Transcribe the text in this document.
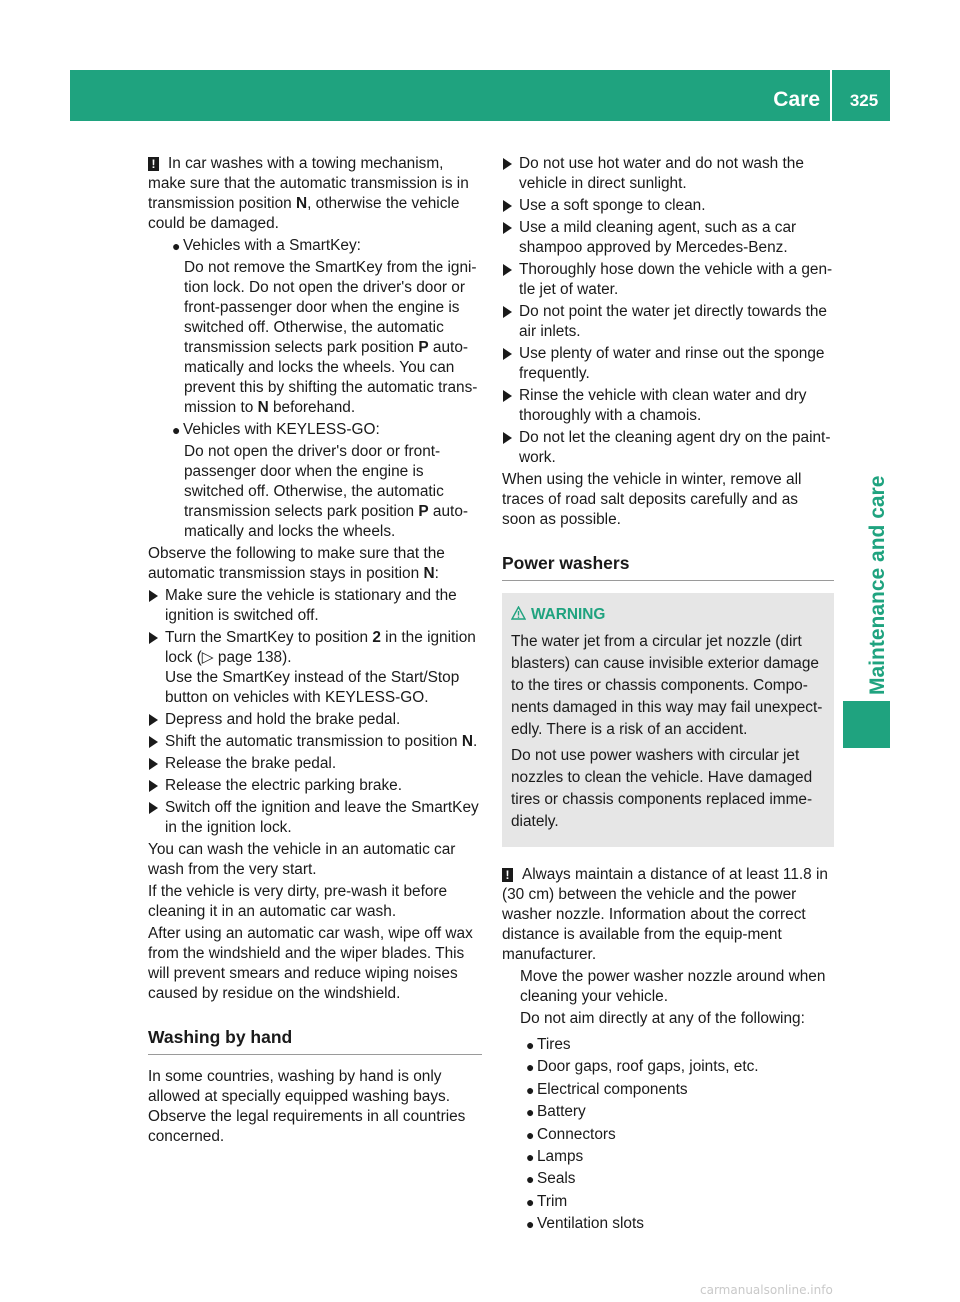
Care	325
Maintenance and care

! In car washes with a towing mechanism, make sure that the automatic transmission is in transmission position N, otherwise the vehicle could be damaged.

● Vehicles with a SmartKey:

Do not remove the SmartKey from the igni-tion lock. Do not open the driver's door or front-passenger door when the engine is switched off. Otherwise, the automatic transmission selects park position P auto-matically and locks the wheels. You can prevent this by shifting the automatic trans-mission to N beforehand.

● Vehicles with KEYLESS-GO:

Do not open the driver's door or front-passenger door when the engine is switched off. Otherwise, the automatic transmission selects park position P auto-matically and locks the wheels.

Observe the following to make sure that the automatic transmission stays in position N:

Make sure the vehicle is stationary and the ignition is switched off.
Turn the SmartKey to position 2 in the ignition lock (▷ page 138).
Use the SmartKey instead of the Start/Stop button on vehicles with KEYLESS-GO.
Depress and hold the brake pedal.
Shift the automatic transmission to position N.
Release the brake pedal.
Release the electric parking brake.
Switch off the ignition and leave the SmartKey in the ignition lock.

You can wash the vehicle in an automatic car wash from the very start.

If the vehicle is very dirty, pre-wash it before cleaning it in an automatic car wash.

After using an automatic car wash, wipe off wax from the windshield and the wiper blades. This will prevent smears and reduce wiping noises caused by residue on the windshield.

Washing by hand

In some countries, washing by hand is only allowed at specially equipped washing bays. Observe the legal requirements in all countries concerned.

Do not use hot water and do not wash the vehicle in direct sunlight.
Use a soft sponge to clean.
Use a mild cleaning agent, such as a car shampoo approved by Mercedes-Benz.
Thoroughly hose down the vehicle with a gen-tle jet of water.
Do not point the water jet directly towards the air inlets.
Use plenty of water and rinse out the sponge frequently.
Rinse the vehicle with clean water and dry thoroughly with a chamois.
Do not let the cleaning agent dry on the paint-work.

When using the vehicle in winter, remove all traces of road salt deposits carefully and as soon as possible.

Power washers
WARNING

The water jet from a circular jet nozzle (dirt blasters) can cause invisible exterior damage to the tires or chassis components. Compo-nents damaged in this way may fail unexpect-edly. There is a risk of an accident.

Do not use power washers with circular jet nozzles to clean the vehicle. Have damaged tires or chassis components replaced imme-diately.

! Always maintain a distance of at least 11.8 in (30 cm) between the vehicle and the power washer nozzle. Information about the correct distance is available from the equip-ment manufacturer.

Move the power washer nozzle around when cleaning your vehicle.

Do not aim directly at any of the following:

● Tires
● Door gaps, roof gaps, joints, etc.
● Electrical components
● Battery
● Connectors
● Lamps
● Seals
● Trim
● Ventilation slots
carmanualsonline.info
